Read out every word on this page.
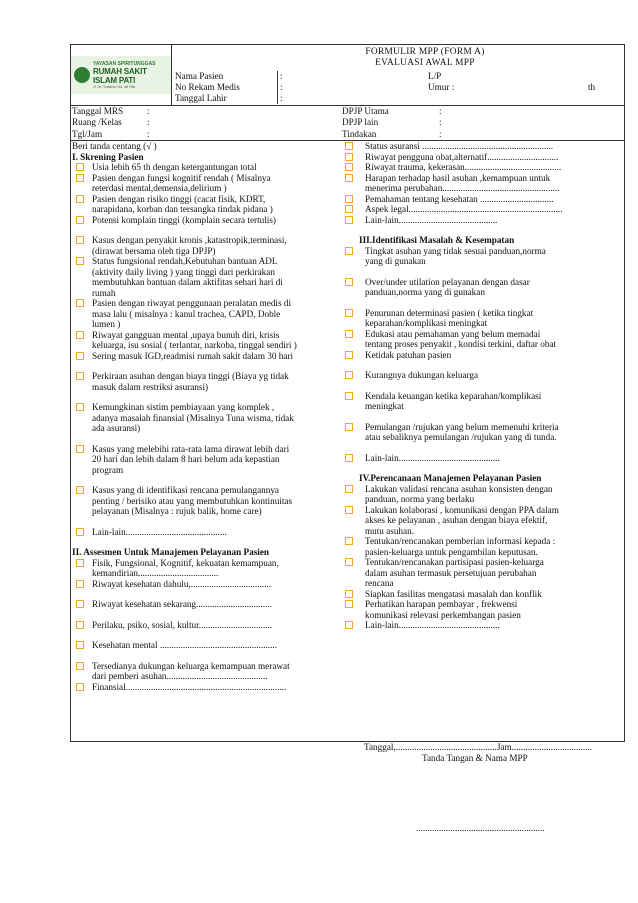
YAYASAN SPIRITUNGGAS
RUMAH SAKIT ISLAM PATI
Jl. Dr. Susanto No. 48 Pati
FORMULIR MPP (FORM A)
EVALUASI AWAL MPP
Nama Pasien	:	L/P
No Rekam Medis	:	Umur :	th
Tanggal Lahir	:
Tanggal MRS	:	DPJP Utama	:
Ruang /Kelas	:	DPJP lain	:
Tgl/Jam	:	Tindakan	:
Beri tanda centang (√ )
I. Skrening Pasien
Usia lebih 65 th dengan ketergantungan total
Pasien dengan fungsi kognitif rendah ( Misalnya
reterdasi mental,demensia,delirium )
Pasien dengan risiko tinggi (cacat fisik, KDRT,
narapidana, korban dan tersangka tindak pidana )
Potensi komplain tinggi (komplain secara tertulis)
Kasus dengan penyakit kronis ,katastropik,terminasi,
(dirawat bersama oleh tiga DPJP)
Status fungsional rendah,Kebutuhan bantuan ADL
(aktivity daily living ) yang tinggi dari perkirakan
membutuhkan bantuan dalam aktifitas sehari hari di
rumah
Pasien dengan riwayat penggunaan peralatan medis di
masa lalu ( misalnya : kanul trachea, CAPD, Doble
lumen )
Riwayat gangguan mental ,upaya bunuh diri, krisis
keluarga, isu sosial ( terlantar, narkoba, tinggal sendiri )
Sering masuk IGD,readmisi rumah sakit dalam 30 hari
Perkiraan asuhan dengan biaya tinggi (Biaya yg tidak
masuk dalam restriksi asuransi)
Kemungkinan sistim pembiayaan yang komplek ,
adanya masalah finansial (Misalnya Tuna wisma, tidak
ada asuransi)
Kasus yang melebihi rata-rata lama dirawat lebih dari
20 hari dan lebih dalam 8 hari belum ada kepastian
program
Kasus yang di identifikasi rencana pemulangannya
penting / berisiko atau yang membutuhkan kontinuitas
pelayanan (Misalnya : rujuk balik, home care)
Lain-lain............................................
II. Assesmen Untuk Manajemen Pelayanan Pasien
Fisik, Fungsional, Kognitif, kekuatan kemampuan,
kemandirian...................................
Riwayat kesehatan dahulu,...................................
Riwayat kesehatan sekarang.................................
Perilaku, psiko, sosial, kultur................................
Kesehatan mental ...................................................
Tersedianya dukungan keluarga kemampuan merawat
dari pemberi asuhan............................................
Finansial......................................................................
Status asuransi .........................................................
Riwayat pengguna obat,alternatif...............................
Riwayat trauma, kekerasan..........................................
Harapan terhadap hasil asuhan ,kemampuan untuk
menerima perubahan...................................................
Pemahaman tentang kesehatan ................................
Aspek legal...................................................................
Lain-lain...........................................
III.Identifikasi Masalah & Kesempatan
Tingkat asuhan yang tidak sesuai panduan,norma
yang di gunakan
Over/under utilation pelayanan dengan dasar
panduan,norma yang di gunakan
Penurunan determinasi pasien ( ketika tingkat
keparahan/komplikasi meningkat
Edukasi atau pemahaman yang belum memadai
tentang proses penyakit , kondisi terkini, daftar obat
Ketidak patuhan pasien
Kurangnya dukungan keluarga
Kendala keuangan ketika keparahan/komplikasi
meningkat
Pemulangan /rujukan yang belum memenuhi kriteria
atau sebaliknya pemulangan /rujukan yang di tunda.
Lain-lain............................................
IV.Perencanaan Manajemen Pelayanan Pasien
Lakukan validasi rencana asuhan konsisten dengan
panduan, norma yang berlaku
Lakukan kolaborasi , komunikasi dengan PPA dalam
akses ke pelayanan , asuhan dengan biaya efektif,
mutu asuhan.
Tentukan/rencanakan pemberian informasi kepada :
pasien-keluarga untuk pengambilan keputusan.
Tentukan/rencanakan partisipasi pasien-keluarga
dalam asuhan termasuk persetujuan perubahan
rencana
Siapkan fasilitas mengatasi masalah dan konflik
Perhatikan harapan pembayar , frekwensi
komunikasi relevasi perkembangan pasien
Lain-lain............................................
Tanggal,............................................Jam...................................
Tanda Tangan & Nama MPP
........................................................
